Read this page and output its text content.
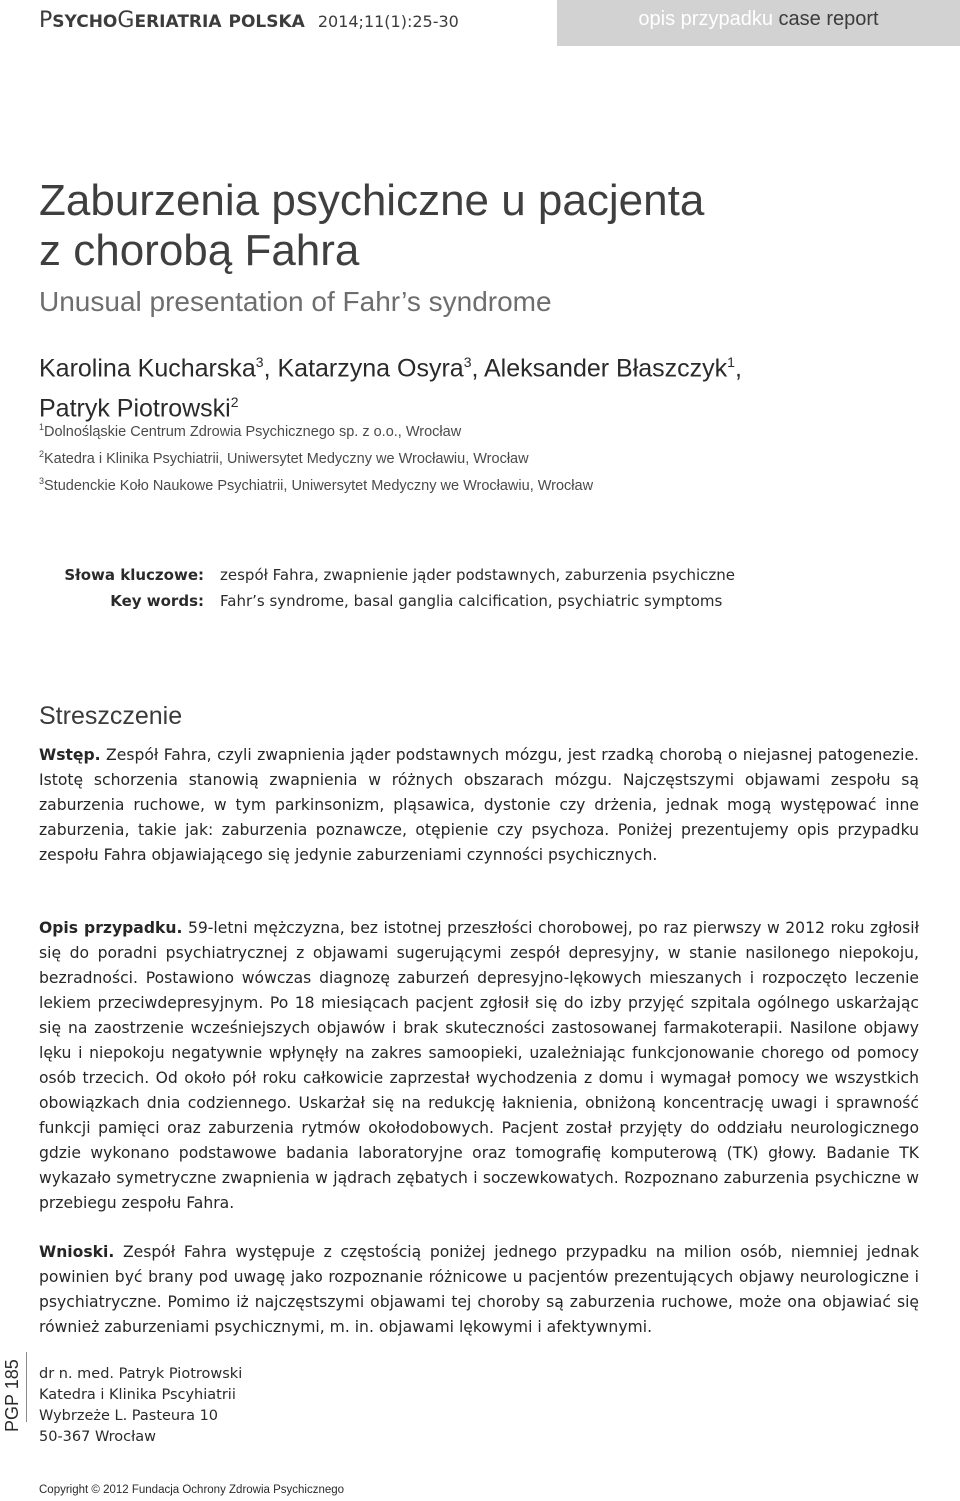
PSYCHOGERIATRIA POLSKA 2014;11(1):25-30	opis przypadku case report
Zaburzenia psychiczne u pacjenta
z chorobą Fahra
Unusual presentation of Fahr’s syndrome
Karolina Kucharska$^3$, Katarzyna Osyra$^3$, Aleksander Błaszczyk$^1$,
Patryk Piotrowski$^2$
$^1$Dolnośląskie Centrum Zdrowia Psychicznego sp. z o.o., Wrocław
$^2$Katedra i Klinika Psychiatrii, Uniwersytet Medyczny we Wrocławiu, Wrocław
$^3$Studenckie Koło Naukowe Psychiatrii, Uniwersytet Medyczny we Wrocławiu, Wrocław
Słowa kluczowe: zespół Fahra, zwapnienie jąder podstawnych, zaburzenia psychiczne
Key words: Fahr’s syndrome, basal ganglia calcification, psychiatric symptoms
Streszczenie
Wstęp. Zespół Fahra, czyli zwapnienia jąder podstawnych mózgu, jest rzadką chorobą o niejasnej patogenezie. Istotę schorzenia stanowią zwapnienia w różnych obszarach mózgu. Najczęstszymi objawami zespołu są zaburzenia ruchowe, w tym parkinsonizm, pląsawica, dystonie czy drżenia, jednak mogą występować inne zaburzenia, takie jak: zaburzenia poznawcze, otępienie czy psychoza. Poniżej prezentujemy opis przypadku zespołu Fahra objawiającego się jedynie zaburzeniami czynności psychicznych.
Opis przypadku. 59-letni mężczyzna, bez istotnej przeszłości chorobowej, po raz pierwszy w 2012 roku zgłosił się do poradni psychiatrycznej z objawami sugerującymi zespół depresyjny, w stanie nasilonego niepokoju, bezradności. Postawiono wówczas diagnozę zaburzeń depresyjno-lękowych mieszanych i rozpoczęto leczenie lekiem przeciwdepresyjnym. Po 18 miesiącach pacjent zgłosił się do izby przyjęć szpitala ogólnego uskarżając się na zaostrzenie wcześniejszych objawów i brak skuteczności zastosowanej farmakoterapii. Nasilone objawy lęku i niepokoju negatywnie wpłynęły na zakres samoopieki, uzależniając funkcjonowanie chorego od pomocy osób trzecich. Od około pół roku całkowicie zaprzestał wychodzenia z domu i wymagał pomocy we wszystkich obowiązkach dnia codziennego. Uskarżał się na redukcję łaknienia, obniżoną koncentrację uwagi i sprawność funkcji pamięci oraz zaburzenia rytmów okołodobowych. Pacjent został przyjęty do oddziału neurologicznego gdzie wykonano podstawowe badania laboratoryjne oraz tomografię komputerową (TK) głowy. Badanie TK wykazało symetryczne zwapnienia w jądrach zębatych i soczewkowatych. Rozpoznano zaburzenia psychiczne w przebiegu zespołu Fahra.
Wnioski. Zespół Fahra występuje z częstością poniżej jednego przypadku na milion osób, niemniej jednak powinien być brany pod uwagę jako rozpoznanie różnicowe u pacjentów prezentujących objawy neurologiczne i psychiatryczne. Pomimo iż najczęstszymi objawami tej choroby są zaburzenia ruchowe, może ona objawiać się również zaburzeniami psychicznymi, m. in. objawami lękowymi i afektywnymi.
PGP 185 dr n. med. Patryk Piotrowski
Katedra i Klinika Pscyhiatrii
Wybrzeże L. Pasteura 10
50-367 Wrocław
Copyright © 2012 Fundacja Ochrony Zdrowia Psychicznego
